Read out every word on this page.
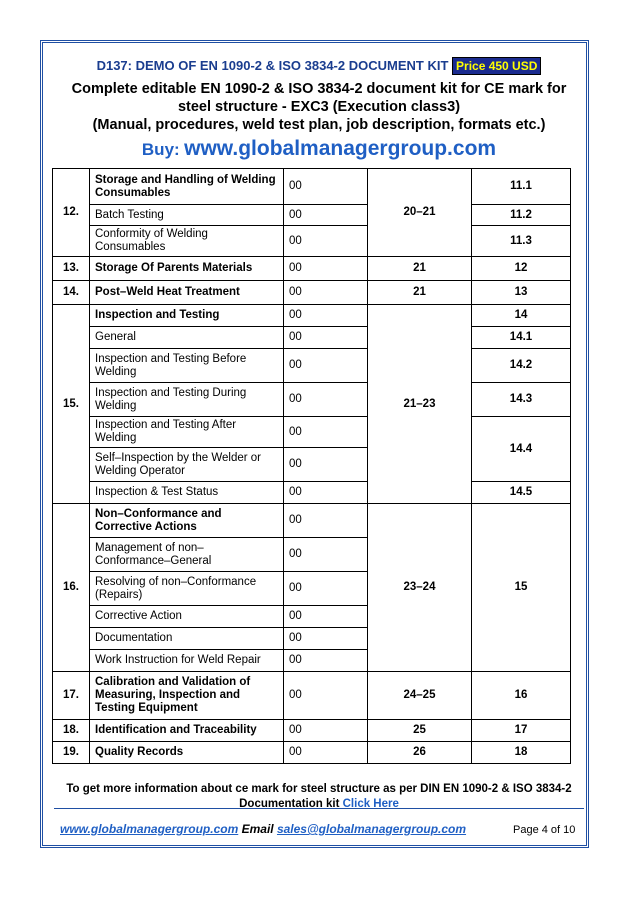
D137: DEMO OF EN 1090-2 & ISO 3834-2 DOCUMENT KIT Price 450 USD
Complete editable EN 1090-2 & ISO 3834-2 document kit for CE mark for
steel structure - EXC3 (Execution class3)
(Manual, procedures, weld test plan, job description, formats etc.)
Buy: www.globalmanagergroup.com
12.	Storage and Handling of Welding Consumables	00	20–21	11.1
	Batch Testing	00		11.2
	Conformity of Welding Consumables	00		11.3
13.	Storage Of Parents Materials	00	21	12
14.	Post–Weld Heat Treatment	00	21	13
15.	Inspection and Testing	00	21–23	14
	General	00		14.1
	Inspection and Testing Before Welding	00		14.2
	Inspection and Testing During Welding	00		14.3
	Inspection and Testing After Welding	00		14.4
	Self–Inspection by the Welder or Welding Operator	00		
	Inspection & Test Status	00		14.5
16.	Non–Conformance and Corrective Actions	00	23–24	15
	Management of non–Conformance–General	00		
	Resolving of non–Conformance (Repairs)	00		
	Corrective Action	00		
	Documentation	00		
	Work Instruction for Weld Repair	00		
17.	Calibration and Validation of Measuring, Inspection and Testing Equipment	00	24–25	16
18.	Identification and Traceability	00	25	17
19.	Quality Records	00	26	18
To get more information about ce mark for steel structure as per DIN EN 1090-2 & ISO 3834-2
Documentation kit Click Here
www.globalmanagergroup.com Email sales@globalmanagergroup.com	Page 4 of 10
